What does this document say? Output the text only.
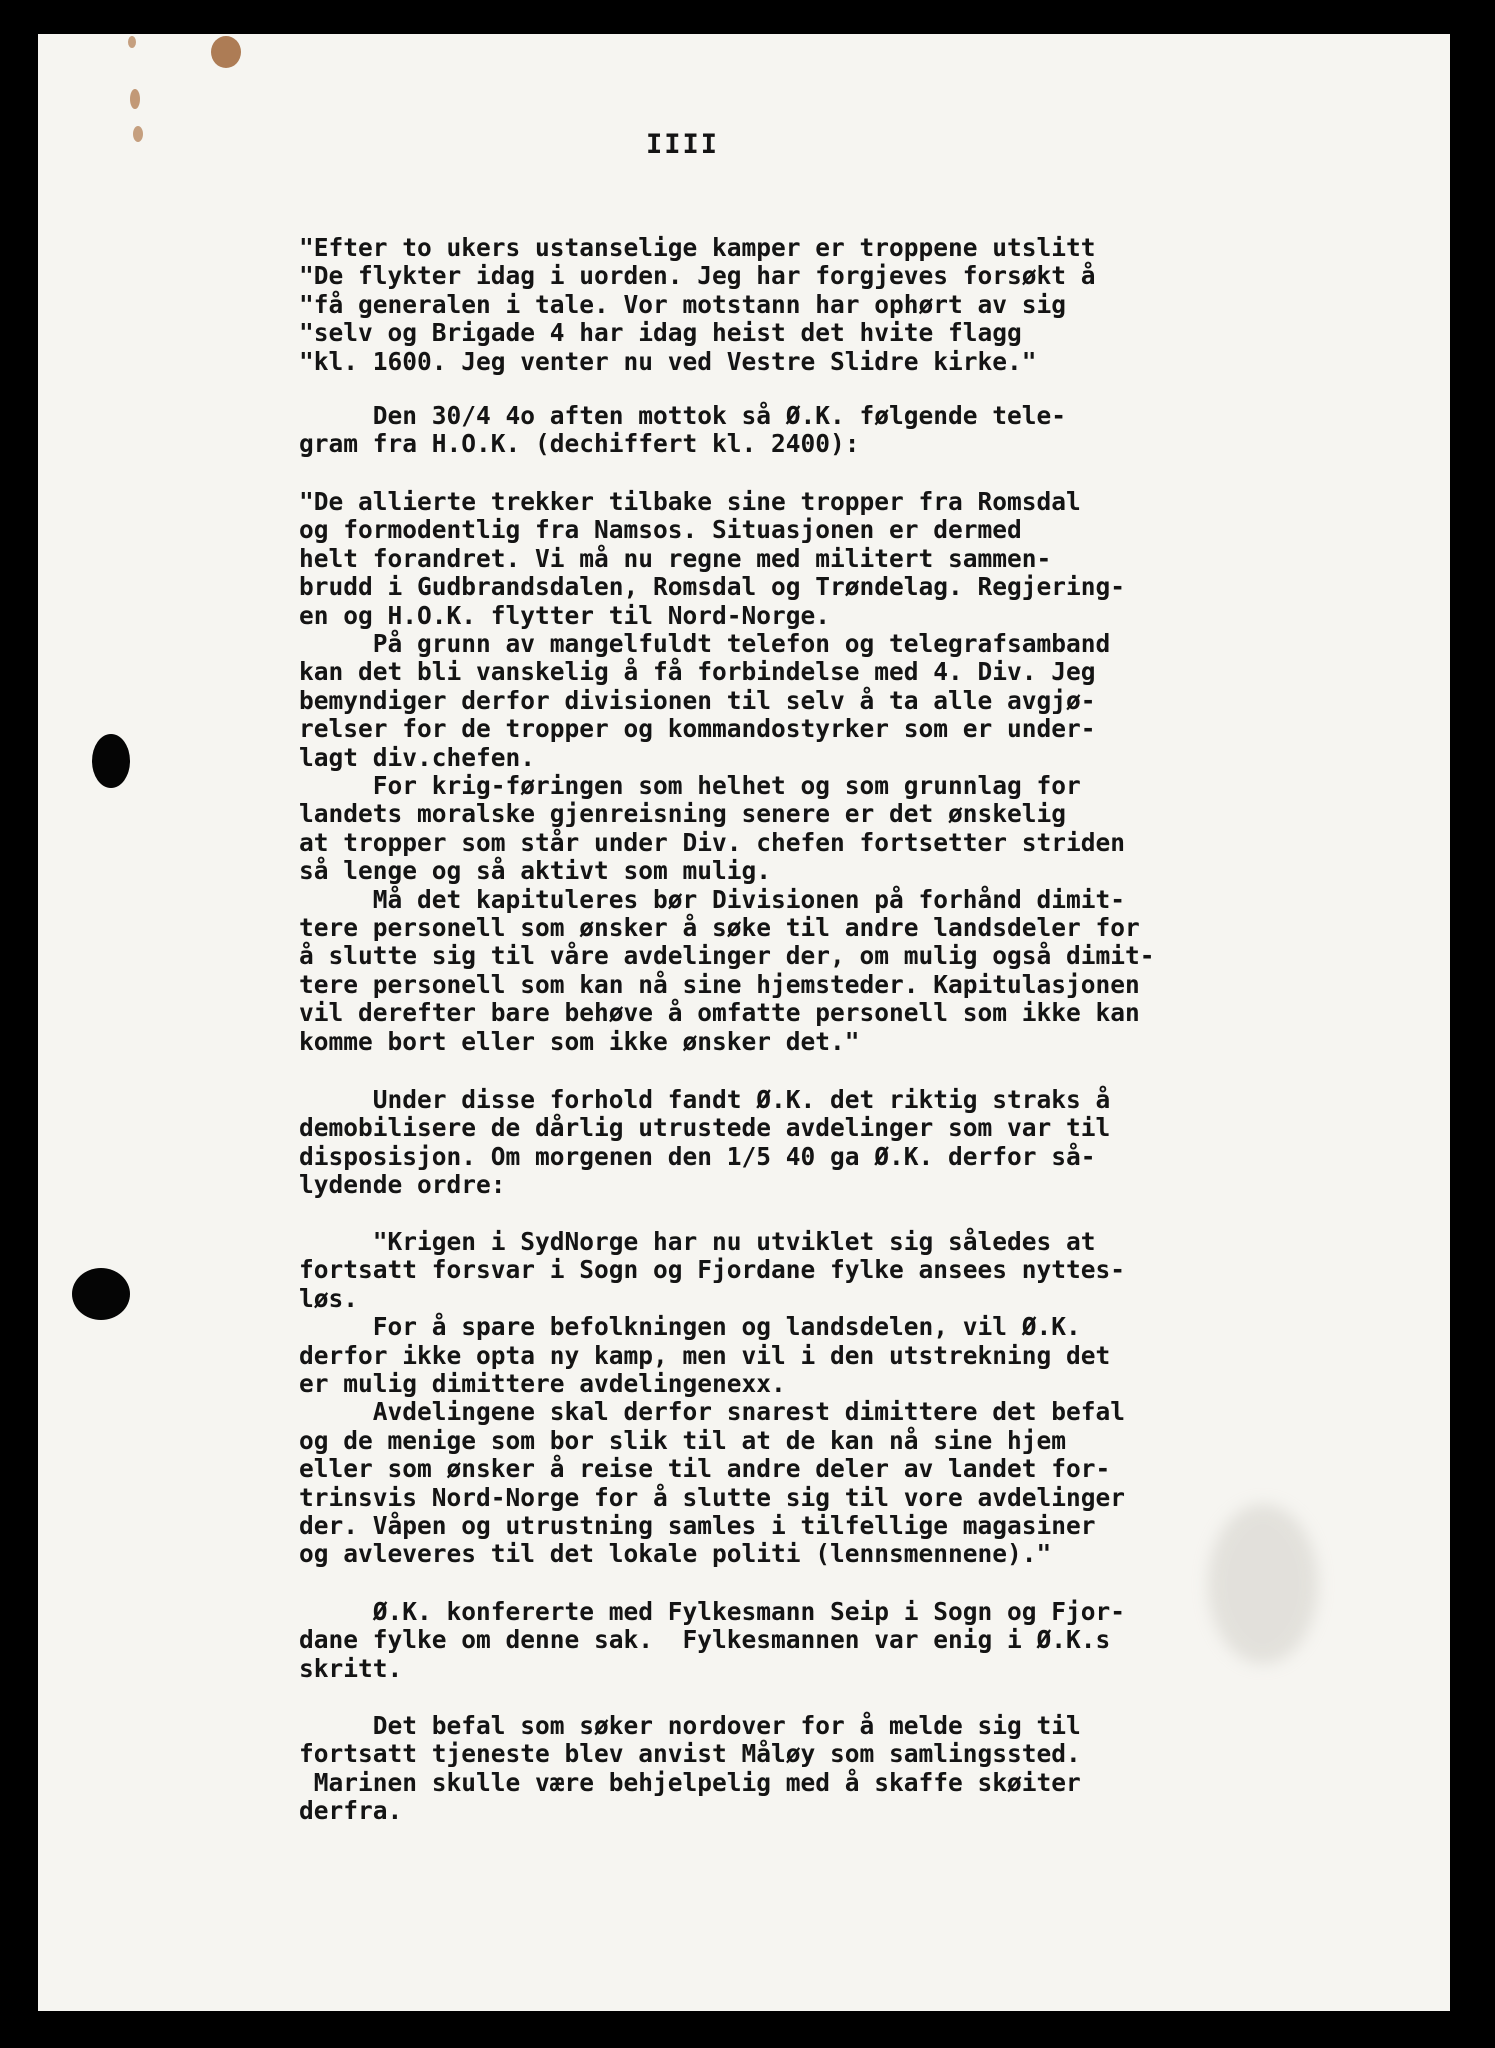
IIII
"Efter to ukers ustanselige kamper er troppene utslitt
"De flykter idag i uorden. Jeg har forgjeves forsøkt å
"få generalen i tale. Vor motstann har ophørt av sig
"selv og Brigade 4 har idag heist det hvite flagg
"kl. 1600. Jeg venter nu ved Vestre Slidre kirke."
Den 30/4 4o aften mottok så Ø.K. følgende tele-
gram fra H.O.K. (dechiffert kl. 2400):
"De allierte trekker tilbake sine tropper fra Romsdal
og formodentlig fra Namsos. Situasjonen er dermed
helt forandret. Vi må nu regne med militert sammen-
brudd i Gudbrandsdalen, Romsdal og Trøndelag. Regjering-
en og H.O.K. flytter til Nord-Norge.
På grunn av mangelfuldt telefon og telegrafsamband
kan det bli vanskelig å få forbindelse med 4. Div. Jeg
bemyndiger derfor divisionen til selv å ta alle avgjø-
relser for de tropper og kommandostyrker som er under-
lagt div.chefen.
For krig-føringen som helhet og som grunnlag for
landets moralske gjenreisning senere er det ønskelig
at tropper som står under Div. chefen fortsetter striden
så lenge og så aktivt som mulig.
Må det kapituleres bør Divisionen på forhånd dimit-
tere personell som ønsker å søke til andre landsdeler for
å slutte sig til våre avdelinger der, om mulig også dimit-
tere personell som kan nå sine hjemsteder. Kapitulasjonen
vil derefter bare behøve å omfatte personell som ikke kan
komme bort eller som ikke ønsker det."
Under disse forhold fandt Ø.K. det riktig straks å
demobilisere de dårlig utrustede avdelinger som var til
disposisjon. Om morgenen den 1/5 40 ga Ø.K. derfor så-
lydende ordre:
"Krigen i SydNorge har nu utviklet sig således at
fortsatt forsvar i Sogn og Fjordane fylke ansees nyttes-
løs.
For å spare befolkningen og landsdelen, vil Ø.K.
derfor ikke opta ny kamp, men vil i den utstrekning det
er mulig dimittere avdelingenexx.
Avdelingene skal derfor snarest dimittere det befal
og de menige som bor slik til at de kan nå sine hjem
eller som ønsker å reise til andre deler av landet for-
trinsvis Nord-Norge for å slutte sig til vore avdelinger
der. Våpen og utrustning samles i tilfellige magasiner
og avleveres til det lokale politi (lennsmennene)."
Ø.K. konfererte med Fylkesmann Seip i Sogn og Fjor-
dane fylke om denne sak.  Fylkesmannen var enig i Ø.K.s
skritt.
Det befal som søker nordover for å melde sig til
fortsatt tjeneste blev anvist Måløy som samlingssted.
Marinen skulle være behjelpelig med å skaffe skøiter
derfra.
